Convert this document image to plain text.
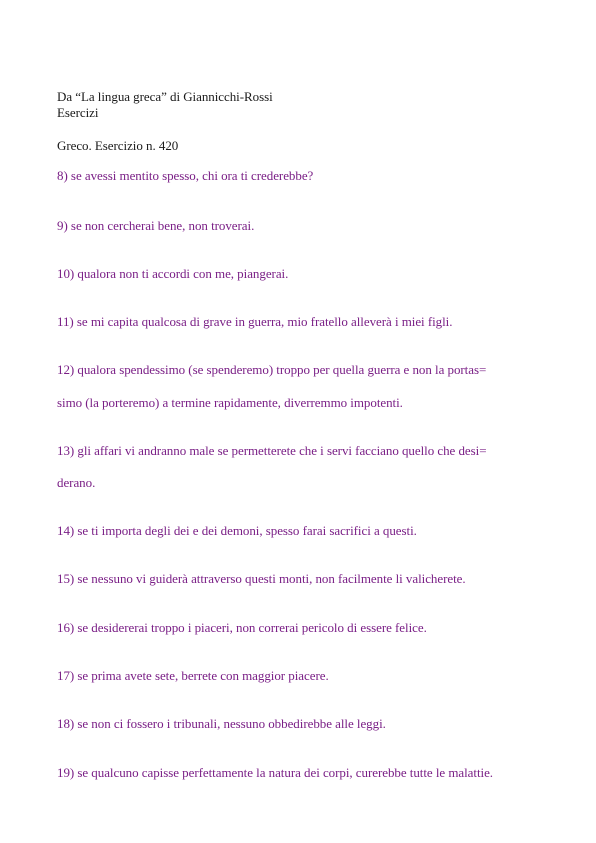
Da “La lingua greca” di Giannicchi-Rossi
Esercizi
Greco. Esercizio n. 420
8) se avessi mentito spesso, chi ora ti crederebbe?
9) se non cercherai bene, non troverai.
10) qualora non ti accordi con me, piangerai.
11) se mi capita qualcosa di grave in guerra, mio fratello alleverà i miei figli.
12) qualora spendessimo (se spenderemo) troppo per quella guerra e non la portas=
simo (la porteremo) a termine rapidamente, diverremmo impotenti.
13) gli affari vi andranno male se permetterete che i servi facciano quello che desi=
derano.
14) se ti importa degli dei e dei demoni, spesso farai sacrifici a questi.
15) se nessuno vi guiderà attraverso questi monti, non facilmente li valicherete.
16) se desidererai troppo i piaceri, non correrai pericolo di essere felice.
17) se prima avete sete, berrete con maggior piacere.
18) se non ci fossero i tribunali, nessuno obbedirebbe alle leggi.
19) se qualcuno capisse perfettamente la natura dei corpi, curerebbe tutte le malattie.
